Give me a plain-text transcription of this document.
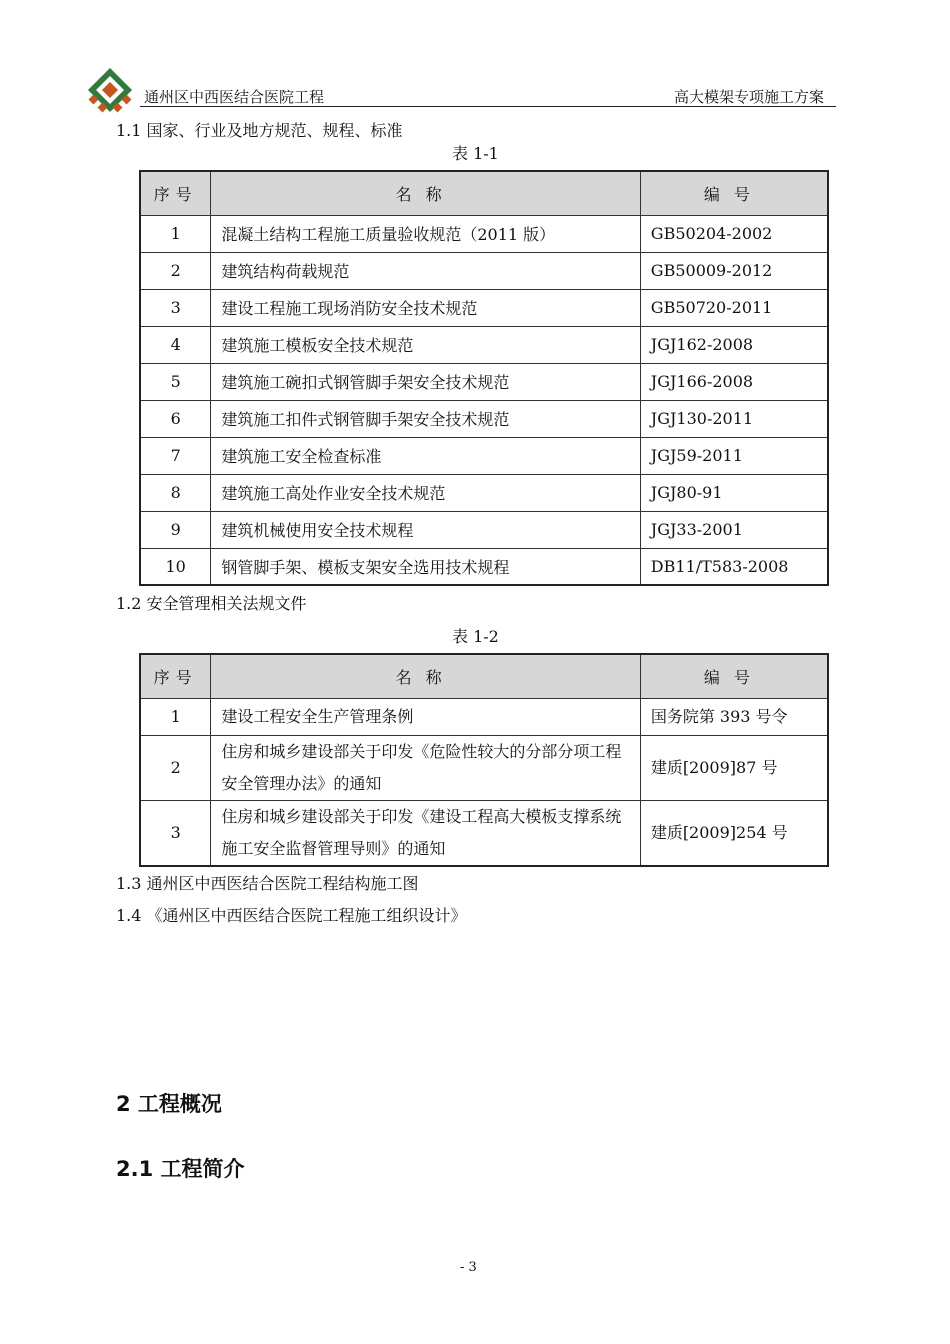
通州区中西医结合医院工程	高大模架专项施工方案
1.1 国家、行业及地方规范、规程、标准
表 1-1
序号	名称	编号
1	混凝土结构工程施工质量验收规范（2011 版）	GB50204-2002
2	建筑结构荷载规范	GB50009-2012
3	建设工程施工现场消防安全技术规范	GB50720-2011
4	建筑施工模板安全技术规范	JGJ162-2008
5	建筑施工碗扣式钢管脚手架安全技术规范	JGJ166-2008
6	建筑施工扣件式钢管脚手架安全技术规范	JGJ130-2011
7	建筑施工安全检查标准	JGJ59-2011
8	建筑施工高处作业安全技术规范	JGJ80-91
9	建筑机械使用安全技术规程	JGJ33-2001
10	钢管脚手架、模板支架安全选用技术规程	DB11/T583-2008
1.2 安全管理相关法规文件
表 1-2
序号	名称	编号
1	建设工程安全生产管理条例	国务院第 393 号令
2	住房和城乡建设部关于印发《危险性较大的分部分项工程安全管理办法》的通知	建质[2009]87 号
3	住房和城乡建设部关于印发《建设工程高大模板支撑系统施工安全监督管理导则》的通知	建质[2009]254 号
1.3 通州区中西医结合医院工程结构施工图
1.4 《通州区中西医结合医院工程施工组织设计》
2 工程概况
2.1 工程简介
- 3
